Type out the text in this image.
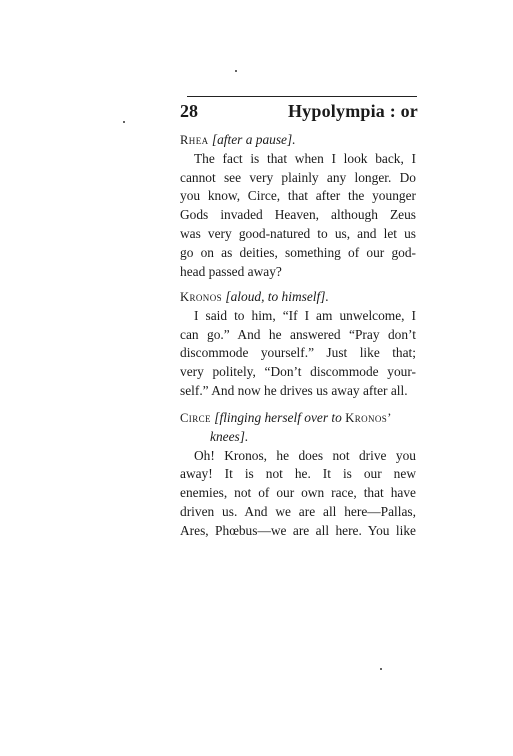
28	Hypolympia : or
Rhea [after a pause].
The fact is that when I look back, I
cannot see very plainly any longer. Do
you know, Circe, that after the younger
Gods invaded Heaven, although Zeus
was very good-natured to us, and let us
go on as deities, something of our god-
head passed away?
Kronos [aloud, to himself].
I said to him, “If I am unwelcome, I
can go.” And he answered “Pray don’t
discommode yourself.” Just like that;
very politely, “Don’t discommode your-
self.” And now he drives us away after all.
Circe [flinging herself over to Kronos’
knees].
Oh! Kronos, he does not drive you
away! It is not he. It is our new
enemies, not of our own race, that have
driven us. And we are all here—Pallas,
Ares, Phœbus—we are all here. You like
